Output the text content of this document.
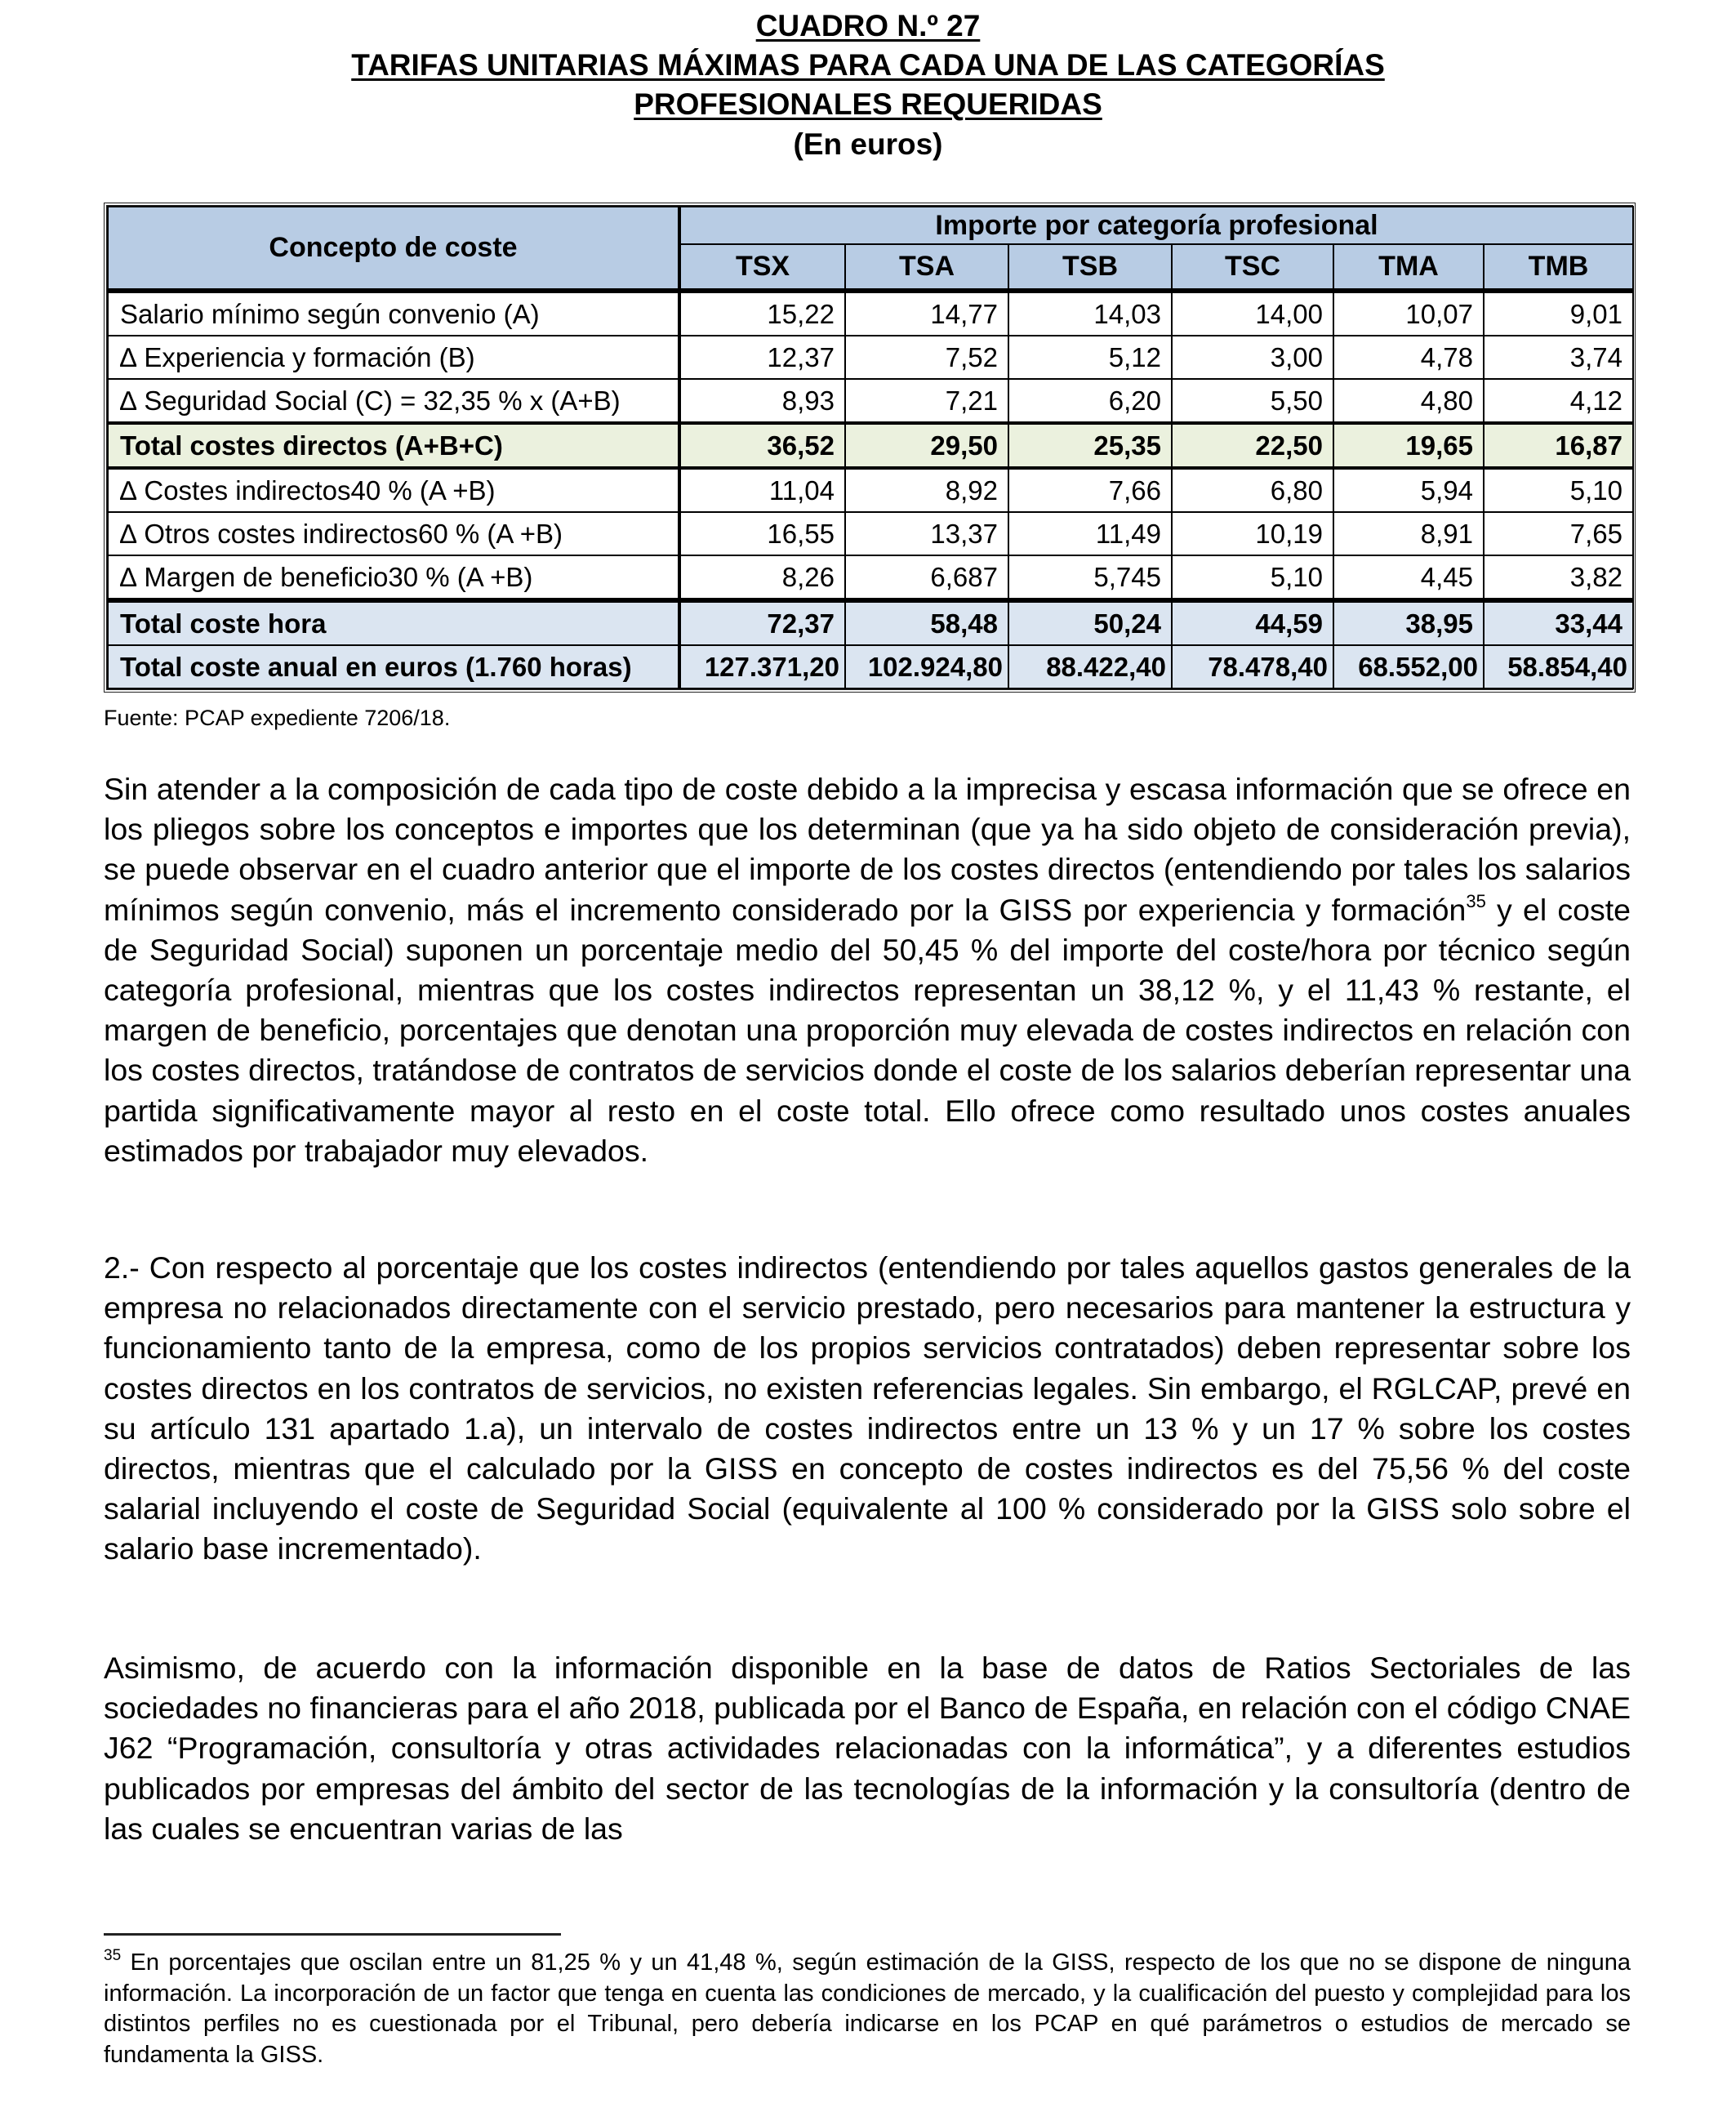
CUADRO N.º 27
TARIFAS UNITARIAS MÁXIMAS PARA CADA UNA DE LAS CATEGORÍAS
PROFESIONALES REQUERIDAS
(En euros)
Concepto de coste	Importe por categoría profesional					
	TSX	TSA	TSB	TSC	TMA	TMB
Salario mínimo según convenio (A)	15,22	14,77	14,03	14,00	10,07	9,01
∆ Experiencia y formación (B)	12,37	7,52	5,12	3,00	4,78	3,74
∆ Seguridad Social (C) = 32,35 % x (A+B)	8,93	7,21	6,20	5,50	4,80	4,12
Total costes directos (A+B+C)	36,52	29,50	25,35	22,50	19,65	16,87
∆ Costes indirectos40 % (A +B)	11,04	8,92	7,66	6,80	5,94	5,10
∆ Otros costes indirectos60 % (A +B)	16,55	13,37	11,49	10,19	8,91	7,65
∆ Margen de beneficio30 % (A +B)	8,26	6,687	5,745	5,10	4,45	3,82
Total coste hora	72,37	58,48	50,24	44,59	38,95	33,44
Total coste anual en euros (1.760 horas)	127.371,20	102.924,80	88.422,40	78.478,40	68.552,00	58.854,40
Fuente: PCAP expediente 7206/18.
Sin atender a la composición de cada tipo de coste debido a la imprecisa y escasa información que se ofrece en los pliegos sobre los conceptos e importes que los determinan (que ya ha sido objeto de consideración previa), se puede observar en el cuadro anterior que el importe de los costes directos (entendiendo por tales los salarios mínimos según convenio, más el incremento considerado por la GISS por experiencia y formación$^{35}$ y el coste de Seguridad Social) suponen un porcentaje medio del 50,45 % del importe del coste/hora por técnico según categoría profesional, mientras que los costes indirectos representan un 38,12 %, y el 11,43 % restante, el margen de beneficio, porcentajes que denotan una proporción muy elevada de costes indirectos en relación con los costes directos, tratándose de contratos de servicios donde el coste de los salarios deberían representar una partida significativamente mayor al resto en el coste total. Ello ofrece como resultado unos costes anuales estimados por trabajador muy elevados.
2.- Con respecto al porcentaje que los costes indirectos (entendiendo por tales aquellos gastos generales de la empresa no relacionados directamente con el servicio prestado, pero necesarios para mantener la estructura y funcionamiento tanto de la empresa, como de los propios servicios contratados) deben representar sobre los costes directos en los contratos de servicios, no existen referencias legales. Sin embargo, el RGLCAP, prevé en su artículo 131 apartado 1.a), un intervalo de costes indirectos entre un 13 % y un 17 % sobre los costes directos, mientras que el calculado por la GISS en concepto de costes indirectos es del 75,56 % del coste salarial incluyendo el coste de Seguridad Social (equivalente al 100 % considerado por la GISS solo sobre el salario base incrementado).
Asimismo, de acuerdo con la información disponible en la base de datos de Ratios Sectoriales de las sociedades no financieras para el año 2018, publicada por el Banco de España, en relación con el código CNAE J62 “Programación, consultoría y otras actividades relacionadas con la informática”, y a diferentes estudios publicados por empresas del ámbito del sector de las tecnologías de la información y la consultoría (dentro de las cuales se encuentran varias de las
$^{35}$ En porcentajes que oscilan entre un 81,25 % y un 41,48 %, según estimación de la GISS, respecto de los que no se dispone de ninguna información. La incorporación de un factor que tenga en cuenta las condiciones de mercado, y la cualificación del puesto y complejidad para los distintos perfiles no es cuestionada por el Tribunal, pero debería indicarse en los PCAP en qué parámetros o estudios de mercado se fundamenta la GISS.
